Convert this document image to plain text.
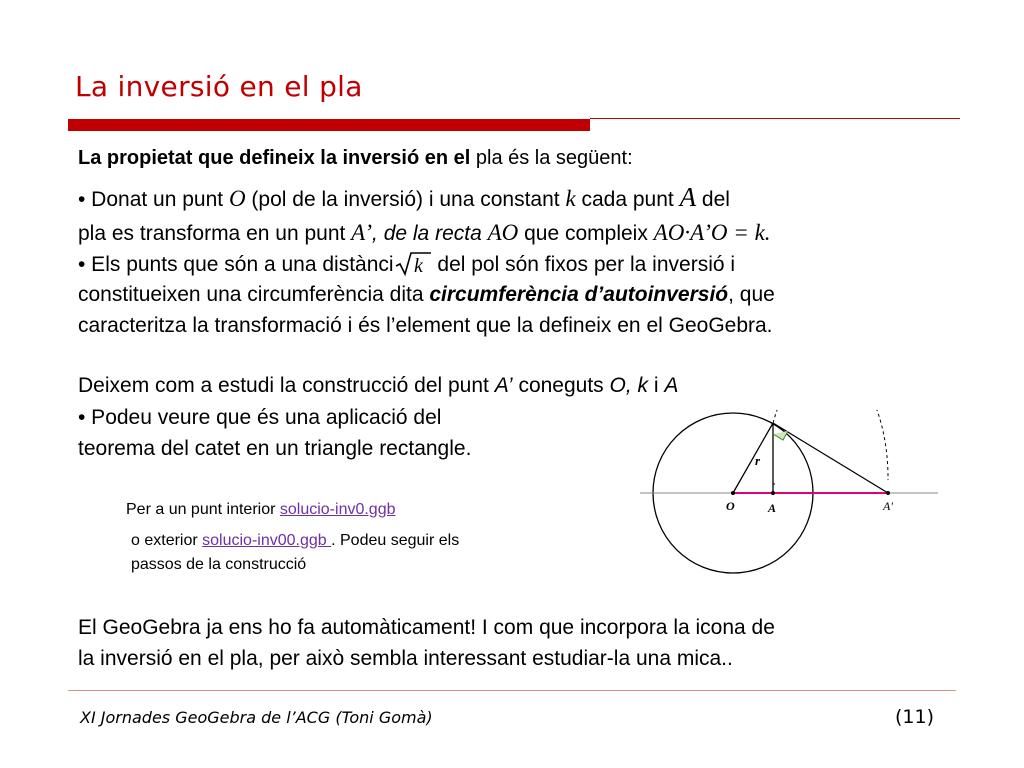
La inversió en el pla
La propietat que defineix la inversió en el pla és la següent:
• Donat un punt O (pol de la inversió) i una constant k cada punt A del
pla es transforma en un punt A’, de la recta AO que compleix AO·A’O = k.
• Els punts que són a una distànci k del pol són fixos per la inversió i
constitueixen una circumferència dita circumferència d’autoinversió, que
caracteritza la transformació i és l’element que la defineix en el GeoGebra.
Deixem com a estudi la construcció del punt A’ coneguts O, k i A
• Podeu veure que és una aplicació del
teorema del catet en un triangle rectangle.
Per a un punt interior solucio-inv0.ggb
o exterior solucio-inv00.ggb . Podeu seguir els
passos de la construcció
El GeoGebra ja ens ho fa automàticament! I com que incorpora la icona de
la inversió en el pla, per això sembla interessant estudiar-la una mica..
r
O	A	A'
XI Jornades GeoGebra de l’ACG (Toni Gomà)	(11)
